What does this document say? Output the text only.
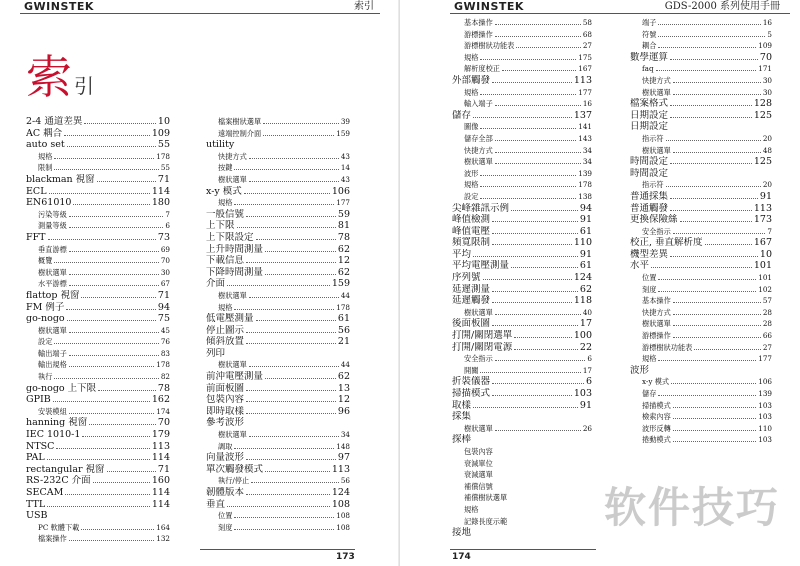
GWINSTEK	索引
索引
2-4 通道差異	10
AC 耦合	109
auto set	55
規格	178
限制	55
blackman 視窗	71
ECL	114
EN61010	180
污染等級	7
測量等級	6
FFT	73
垂直游標	69
概覽	70
樹狀選單	30
水平游標	67
flattop 視窗	71
FM 例子	94
go-nogo	75
樹狀選單	45
設定	76
輸出端子	83
輸出規格	178
執行	82
go-nogo 上下限	78
GPIB	162
安裝模組	174
hanning 視窗	70
IEC 1010-1	179
NTSC	113
PAL	114
rectangular 視窗	71
RS-232C 介面	160
SECAM	114
TTL	114
USB
PC 軟體下載	164
檔案操作	132
檔案樹狀選單	39
遠端控制介面	159
utility
快捷方式	43
按鍵	14
樹狀選單	43
x-y 模式	106
規格	177
一般信號	59
上下限	81
上下限設定	78
上升時間測量	62
下載信息	12
下降時間測量	62
介面	159
樹狀選單	44
規格	178
低電壓測量	61
停止圖示	56
傾斜放置	21
列印
樹狀選單	44
前沖電壓測量	62
前面板圖	13
包裝內容	12
即時取樣	96
參考波形
樹狀選單	34
調取	148
向量波形	97
單次觸發模式	113
執行/停止	56
韌體版本	124
垂直	108
位置	108
刻度	108
173
GWINSTEK	GDS-2000 系列使用手冊
基本操作	58
游標操作	68
游標樹狀功能表	27
規格	175
解析度校正	167
外部觸發	113
規格	177
輸入端子	16
儲存	137
圖像	141
儲存全部	143
快捷方式	34
樹狀選單	34
波形	139
規格	178
設定	138
尖峰雜訊示例	94
峰值檢測	91
峰值電壓	61
頻寬限制	110
平均	91
平均電壓測量	61
序列號	124
延遲測量	62
延遲觸發	118
樹狀選單	40
後面板圖	17
打開/關閉選單	100
打開/關閉電源	22
安全指示	6
開關	17
折裝儀器	6
掃描模式	103
取樣	91
採集
樹狀選單	26
探棒
包裝內容
衰減單位
衰減選單
補償信號
補償樹狀選單
規格
記錄長度示範
接地
端子	16
符號	5
耦合	109
數學運算	70
faq	171
快捷方式	30
樹狀選單	30
檔案格式	128
日期設定	125
日期設定
指示符	20
樹狀選單	48
時間設定	125
時間設定
指示符	20
普通採集	91
普通觸發	113
更換保險絲	173
安全指示	7
校正, 垂直解析度	167
機型差異	10
水平	101
位置	101
刻度	102
基本操作	57
快捷方式	28
樹狀選單	28
游標操作	66
游標樹狀功能表	27
規格	177
波形
x-y 模式	106
儲存	139
掃描模式	103
檢索內容	103
波形反轉	110
捲動模式	103
174
软件技巧
